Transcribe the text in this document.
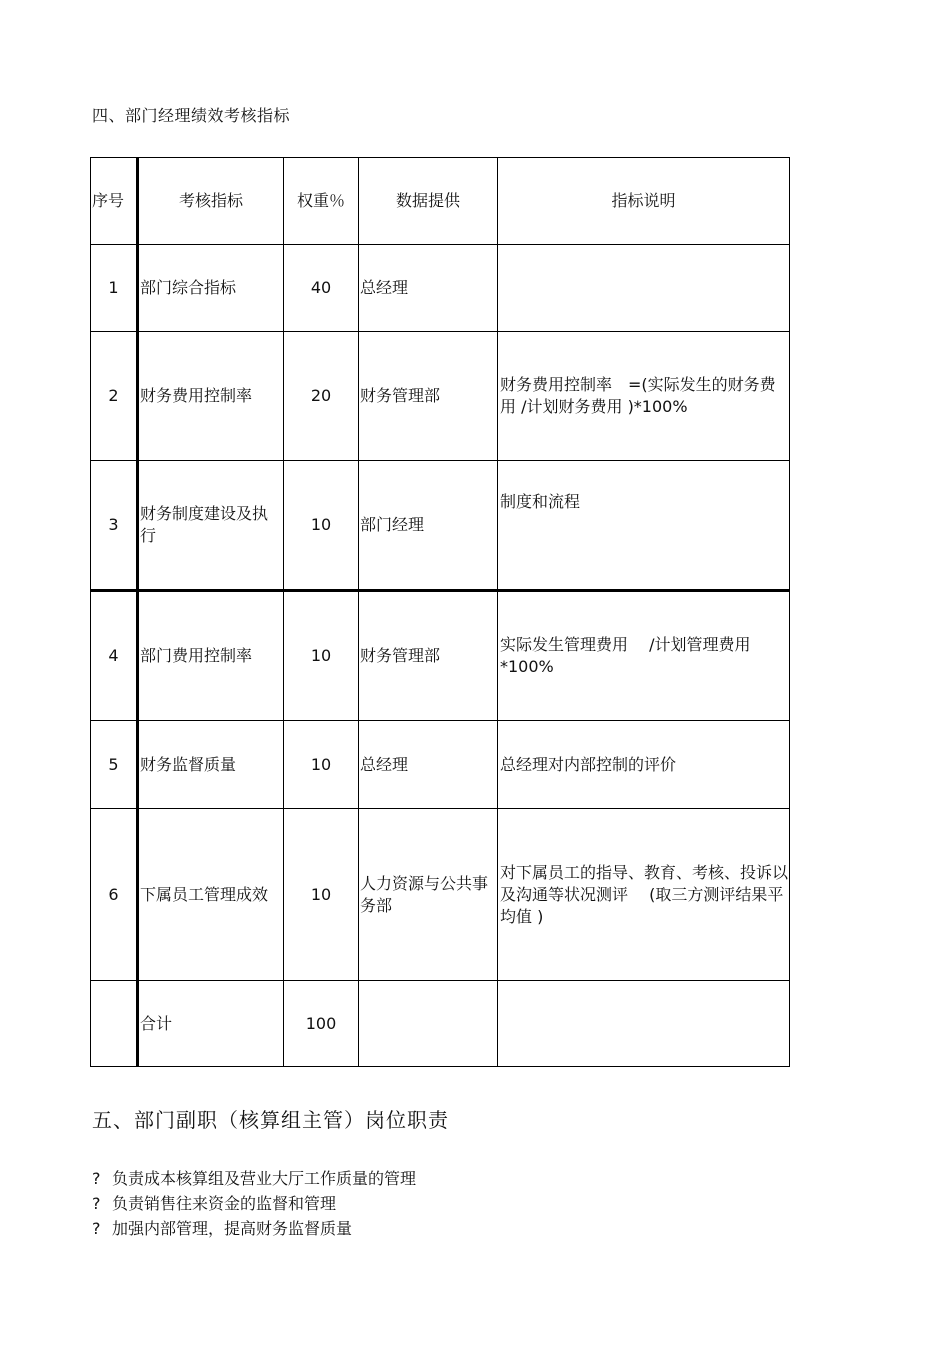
四、部门经理绩效考核指标
序号	考核指标	权重％	数据提供	指标说明
1	部门综合指标	40	总经理	
2	财务费用控制率	20	财务管理部	财务费用控制率　=(实际发生的财务费用 /计划财务费用 )*100%
3	财务制度建设及执行	10	部门经理	制度和流程
4	部门费用控制率	10	财务管理部	实际发生管理费用　 /计划管理费用 *100%
5	财务监督质量	10	总经理	总经理对内部控制的评价
6	下属员工管理成效	10	人力资源与公共事务部	对下属员工的指导、教育、考核、投诉以及沟通等状况测评　 (取三方测评结果平均值 )
	合计	100		
五、部门副职（核算组主管）岗位职责
? 负责成本核算组及营业大厅工作质量的管理
? 负责销售往来资金的监督和管理
? 加强内部管理，提高财务监督质量
